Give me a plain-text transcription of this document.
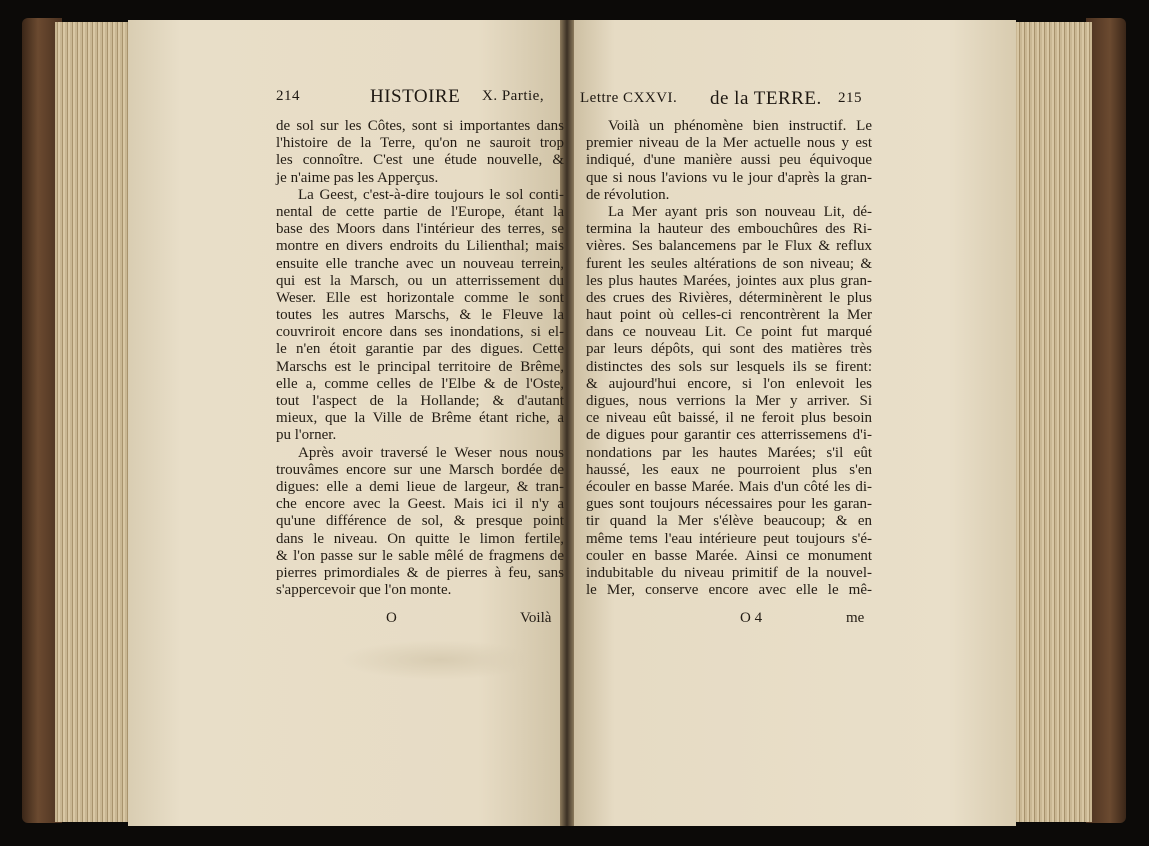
214	HISTOIRE X. Partie, Lettre CXXVI. de la TERRE. 215
de sol sur les Côtes, sont si importantes dans
l'histoire de la Terre, qu'on ne sauroit trop
les connoître. C'est une étude nouvelle, &
je n'aime pas les Apperçus.
La Geest, c'est-à-dire toujours le sol conti-
nental de cette partie de l'Europe, étant la
base des Moors dans l'intérieur des terres, se
montre en divers endroits du Lilienthal; mais
ensuite elle tranche avec un nouveau terrein,
qui est la Marsch, ou un atterrissement du
Weser. Elle est horizontale comme le sont
toutes les autres Marschs, & le Fleuve la
couvriroit encore dans ses inondations, si el-
le n'en étoit garantie par des digues. Cette
Marschs est le principal territoire de Brême,
elle a, comme celles de l'Elbe & de l'Oste,
tout l'aspect de la Hollande; & d'autant
mieux, que la Ville de Brême étant riche, a
pu l'orner.
Après avoir traversé le Weser nous nous
trouvâmes encore sur une Marsch bordée de
digues: elle a demi lieue de largeur, & tran-
che encore avec la Geest. Mais ici il n'y a
qu'une différence de sol, & presque point
dans le niveau. On quitte le limon fertile,
& l'on passe sur le sable mêlé de fragmens de
pierres primordiales & de pierres à feu, sans
s'appercevoir que l'on monte.
Voilà un phénomène bien instructif. Le
premier niveau de la Mer actuelle nous y est
indiqué, d'une manière aussi peu équivoque
que si nous l'avions vu le jour d'après la gran-
de révolution.
La Mer ayant pris son nouveau Lit, dé-
termina la hauteur des embouchûres des Ri-
vières. Ses balancemens par le Flux & reflux
furent les seules altérations de son niveau; &
les plus hautes Marées, jointes aux plus gran-
des crues des Rivières, déterminèrent le plus
haut point où celles-ci rencontrèrent la Mer
dans ce nouveau Lit. Ce point fut marqué
par leurs dépôts, qui sont des matières très
distinctes des sols sur lesquels ils se firent:
& aujourd'hui encore, si l'on enlevoit les
digues, nous verrions la Mer y arriver. Si
ce niveau eût baissé, il ne feroit plus besoin
de digues pour garantir ces atterrissemens d'i-
nondations par les hautes Marées; s'il eût
haussé, les eaux ne pourroient plus s'en
écouler en basse Marée. Mais d'un côté les di-
gues sont toujours nécessaires pour les garan-
tir quand la Mer s'élève beaucoup; & en
même tems l'eau intérieure peut toujours s'é-
couler en basse Marée. Ainsi ce monument
indubitable du niveau primitif de la nouvel-
le Mer, conserve encore avec elle le mê-
O	Voilà	O 4	me
